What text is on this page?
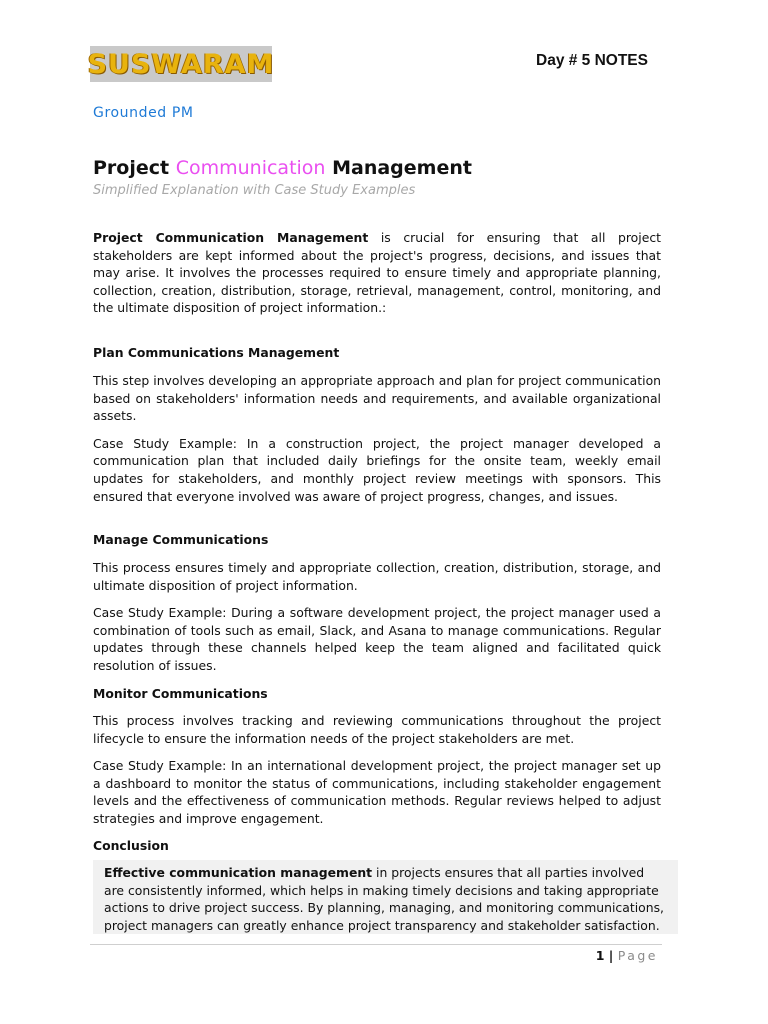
SUSWARAM	Day # 5 NOTES
Grounded PM
Project Communication Management
Simplified Explanation with Case Study Examples

Project Communication Management is crucial for ensuring that all project stakeholders are kept informed about the project's progress, decisions, and issues that may arise. It involves the processes required to ensure timely and appropriate planning, collection, creation, distribution, storage, retrieval, management, control, monitoring, and the ultimate disposition of project information.:

Plan Communications Management

This step involves developing an appropriate approach and plan for project communication based on stakeholders' information needs and requirements, and available organizational assets.

Case Study Example: In a construction project, the project manager developed a communication plan that included daily briefings for the onsite team, weekly email updates for stakeholders, and monthly project review meetings with sponsors. This ensured that everyone involved was aware of project progress, changes, and issues.

Manage Communications

This process ensures timely and appropriate collection, creation, distribution, storage, and ultimate disposition of project information.

Case Study Example: During a software development project, the project manager used a combination of tools such as email, Slack, and Asana to manage communications. Regular updates through these channels helped keep the team aligned and facilitated quick resolution of issues.

Monitor Communications

This process involves tracking and reviewing communications throughout the project lifecycle to ensure the information needs of the project stakeholders are met.

Case Study Example: In an international development project, the project manager set up a dashboard to monitor the status of communications, including stakeholder engagement levels and the effectiveness of communication methods. Regular reviews helped to adjust strategies and improve engagement.

Conclusion

Effective communication management in projects ensures that all parties involved are consistently informed, which helps in making timely decisions and taking appropriate actions to drive project success. By planning, managing, and monitoring communications, project managers can greatly enhance project transparency and stakeholder satisfaction.

1 | Page
